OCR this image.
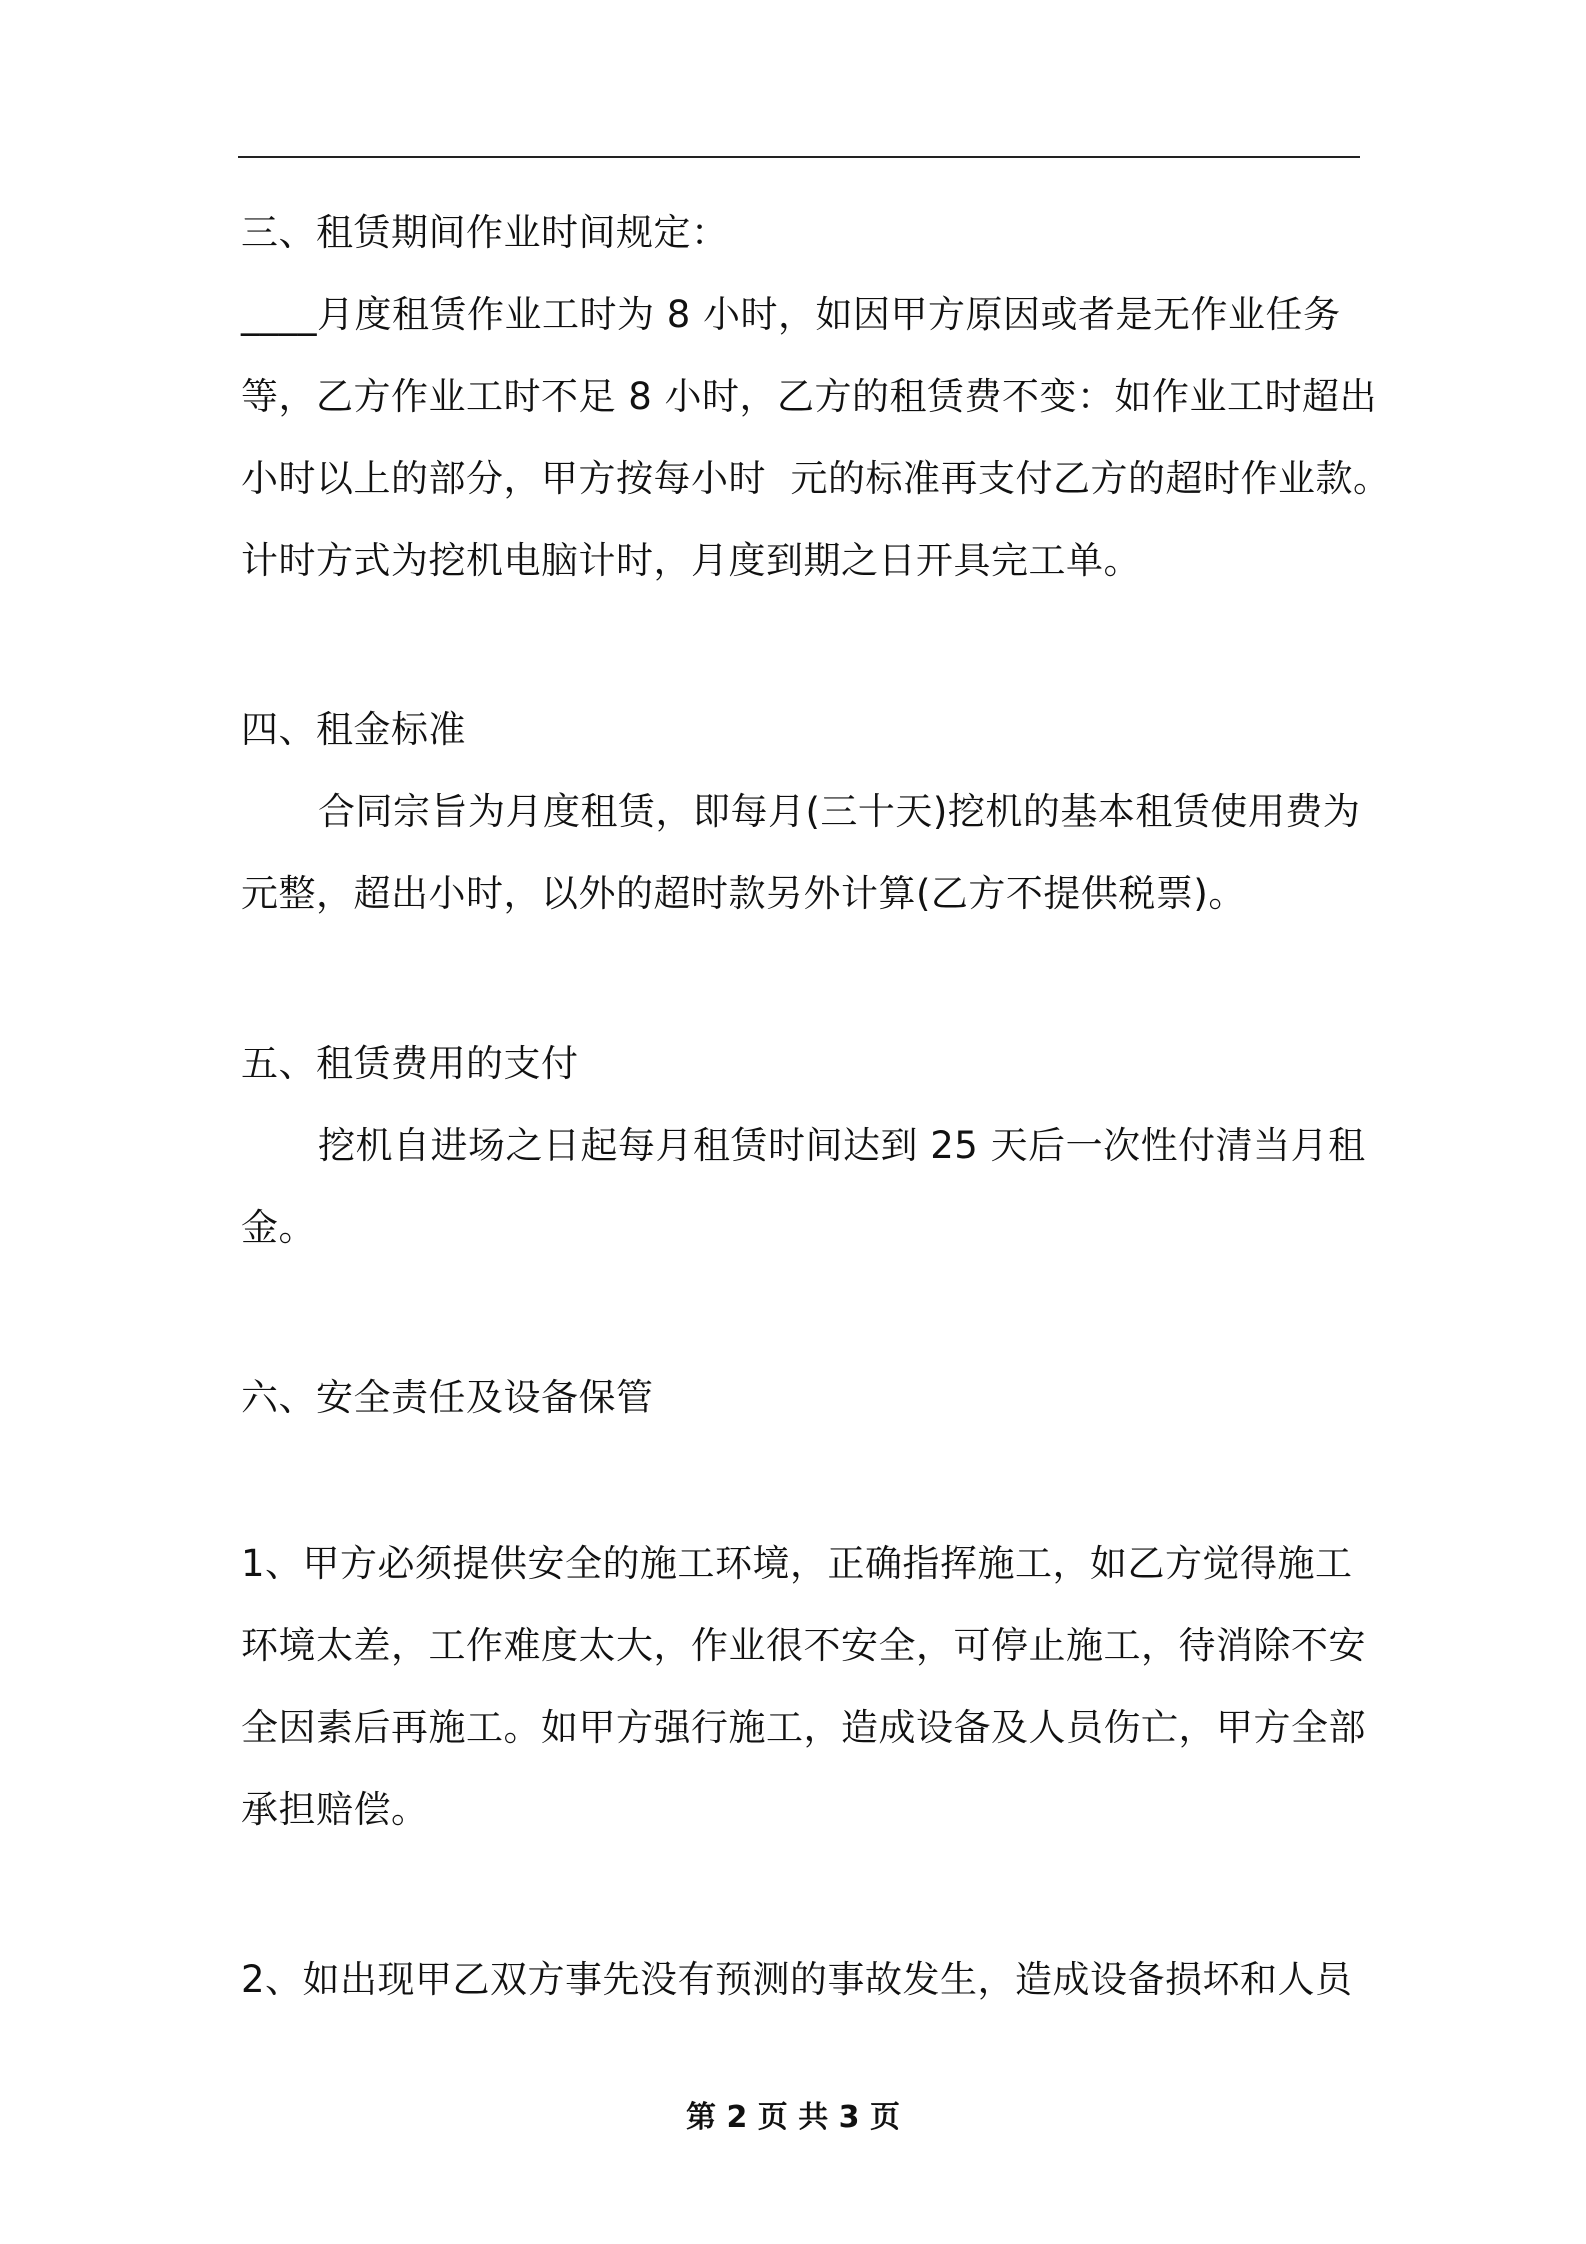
三、租赁期间作业时间规定：
____月度租赁作业工时为 8 小时，如因甲方原因或者是无作业任务
等，乙方作业工时不足 8 小时，乙方的租赁费不变：如作业工时超出
小时以上的部分，甲方按每小时  元的标准再支付乙方的超时作业款。
计时方式为挖机电脑计时，月度到期之日开具完工单。
四、租金标准
合同宗旨为月度租赁，即每月(三十天)挖机的基本租赁使用费为
元整，超出小时，以外的超时款另外计算(乙方不提供税票)。
五、租赁费用的支付
挖机自进场之日起每月租赁时间达到 25 天后一次性付清当月租
金。
六、安全责任及设备保管
1、甲方必须提供安全的施工环境，正确指挥施工，如乙方觉得施工
环境太差，工作难度太大，作业很不安全，可停止施工，待消除不安
全因素后再施工。如甲方强行施工，造成设备及人员伤亡，甲方全部
承担赔偿。
2、如出现甲乙双方事先没有预测的事故发生，造成设备损坏和人员
第 2 页 共 3 页
